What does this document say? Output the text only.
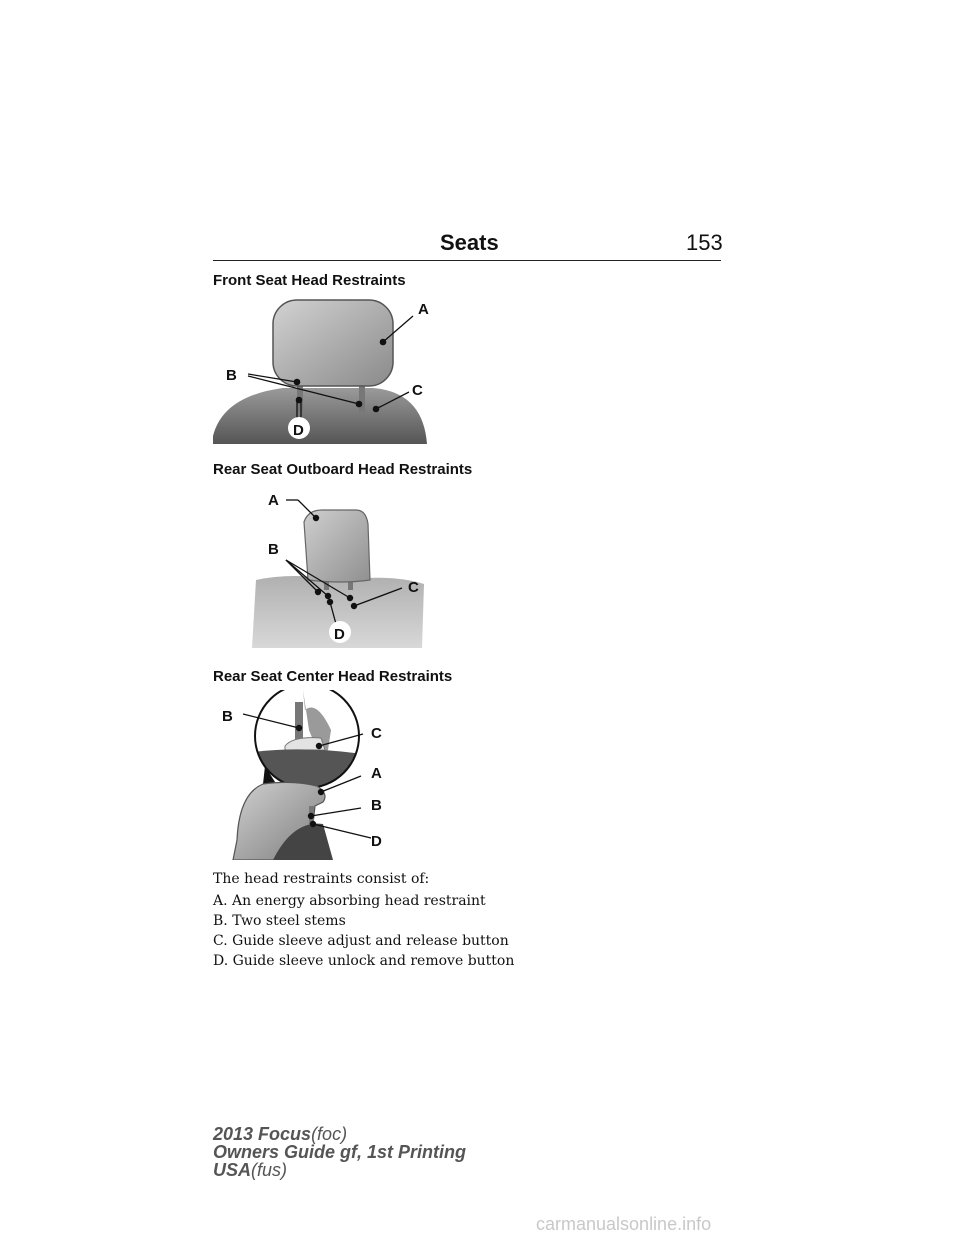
Seats	153
Front Seat Head Restraints
A
B
C
D
Rear Seat Outboard Head Restraints
A
B
C
D
Rear Seat Center Head Restraints
B
C
A
B
D
The head restraints consist of:
A. An energy absorbing head restraint
B. Two steel stems
C. Guide sleeve adjust and release button
D. Guide sleeve unlock and remove button
2013 Focus(foc)
Owners Guide gf, 1st Printing
USA(fus)
carmanualsonline.info
